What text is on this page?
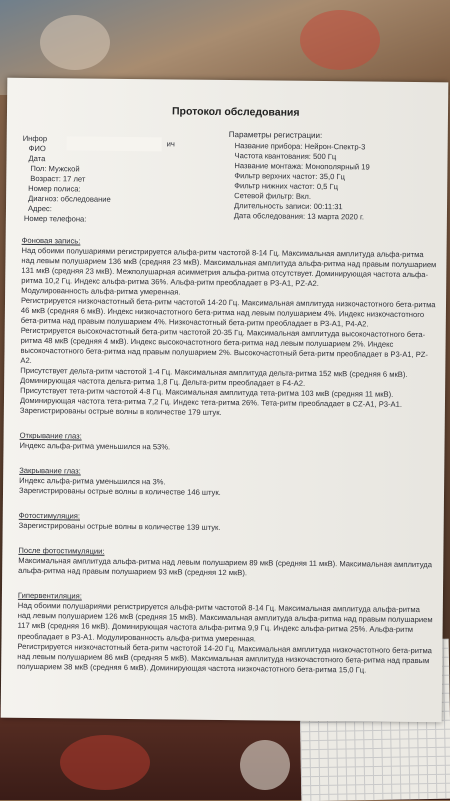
Протокол обследования
Инфор
ФИО
Дата
Пол: Мужской
Возраст: 17 лет
Номер полиса:
Диагноз: обследование
Адрес:
Номер телефона:
ич
Параметры регистрации:
Название прибора: Нейрон-Спектр-3
Частота квантования: 500 Гц
Название монтажа: Монополярный 19
Фильтр верхних частот: 35,0 Гц
Фильтр нижних частот: 0,5 Гц
Сетевой фильтр: Вкл.
Длительность записи: 00:11:31
Дата обследования: 13 марта 2020 г.
Фоновая запись:
Над обоими полушариями регистрируется альфа-ритм частотой 8-14 Гц. Максимальная амплитуда альфа-ритма над левым полушарием 136 мкВ (средняя 23 мкВ). Максимальная амплитуда альфа-ритма над правым полушарием 131 мкВ (средняя 23 мкВ). Межполушарная асимметрия альфа-ритма отсутствует. Доминирующая частота альфа-ритма 10,2 Гц. Индекс альфа-ритма 36%. Альфа-ритм преобладает в P3-A1, PZ-A2.
Модулированность альфа-ритма умеренная.
Регистрируется низкочастотный бета-ритм частотой 14-20 Гц. Максимальная амплитуда низкочастотного бета-ритма 46 мкВ (средняя 6 мкВ). Индекс низкочастотного бета-ритма над левым полушарием 4%. Индекс низкочастотного бета-ритма над правым полушарием 4%. Низкочастотный бета-ритм преобладает в P3-A1, P4-A2.
Регистрируется высокочастотный бета-ритм частотой 20-35 Гц. Максимальная амплитуда высокочастотного бета-ритма 48 мкВ (средняя 4 мкВ). Индекс высокочастотного бета-ритма над левым полушарием 2%. Индекс высокочастотного бета-ритма над правым полушарием 2%. Высокочастотный бета-ритм преобладает в P3-A1, PZ-A2.
Присутствует дельта-ритм частотой 1-4 Гц. Максимальная амплитуда дельта-ритма 152 мкВ (средняя 6 мкВ). Доминирующая частота дельта-ритма 1,8 Гц. Дельта-ритм преобладает в F4-A2.
Присутствует тета-ритм частотой 4-8 Гц. Максимальная амплитуда тета-ритма 103 мкВ (средняя 11 мкВ). Доминирующая частота тета-ритма 7,2 Гц. Индекс тета-ритма 26%. Тета-ритм преобладает в CZ-A1, P3-A1.
Зарегистрированы острые волны в количестве 179 штук.
Открывание глаз:
Индекс альфа-ритма уменьшился на 53%.
Закрывание глаз:
Индекс альфа-ритма уменьшился на 3%.
Зарегистрированы острые волны в количестве 146 штук.
Фотостимуляция:
Зарегистрированы острые волны в количестве 139 штук.
После фотостимуляции:
Максимальная амплитуда альфа-ритма над левым полушарием 89 мкВ (средняя 11 мкВ). Максимальная амплитуда альфа-ритма над правым полушарием 93 мкВ (средняя 12 мкВ).
Гипервентиляция:
Над обоими полушариями регистрируется альфа-ритм частотой 8-14 Гц. Максимальная амплитуда альфа-ритма над левым полушарием 126 мкВ (средняя 15 мкВ). Максимальная амплитуда альфа-ритма над правым полушарием 117 мкВ (средняя 16 мкВ). Доминирующая частота альфа-ритма 9,9 Гц. Индекс альфа-ритма 25%. Альфа-ритм преобладает в P3-A1. Модулированность альфа-ритма умеренная.
Регистрируется низкочастотный бета-ритм частотой 14-20 Гц. Максимальная амплитуда низкочастотного бета-ритма над левым полушарием 86 мкВ (средняя 5 мкВ). Максимальная амплитуда низкочастотного бета-ритма над правым полушарием 38 мкВ (средняя 6 мкВ). Доминирующая частота низкочастотного бета-ритма 15,0 Гц.
